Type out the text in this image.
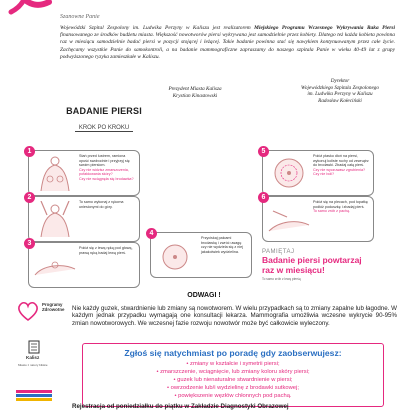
Szanowne Panie
Wojewódzki Szpital Zespolony im. Ludwika Perzyny w Kaliszu jest realizatorem Miejskiego Programu Wczesnego Wykrywania Raka Piersi finansowanego ze środków budżetu miasta. Większość nowotworów piersi wykrywana jest samodzielnie przez kobiety. Dlatego też każda kobieta powinna raz w miesiącu samodzielnie badać piersi w pozycji stojącej i leżącej. Takie badanie powinna stać się nawykiem kontynuowanym przez całe życie. Zachęcamy wszystkie Panie do samokontroli, a na badanie mammograficzne zapraszamy do naszego szpitala Panie w wieku 40-49 lat z grupy podwyższonego ryzyka zamieszkałe w Kaliszu.
Prezydent Miasta Kalisza
Krystian Kinastowski
Dyrektor
Wojewódzkiego Szpitala Zespolonego
im. Ludwika Perzyny w Kaliszu
Radosław Kołeciński
BADANIE PIERSI
KROK PO KROKU
1
Stań przed lustrem, ramiona opuść swobodnie i przyjrzyj się swoim piersiom.
Czy nie widzisz zmarszczenia, pofałdowania skóry?
Czy nie wciągnęła się brodawka?
2
To samo wykonaj z rękoma uniesionymi do góry.
3
Połóż się z lewą ręką pod głową, prawą ręką badaj lewą pierś.
5
Połóż płasko dłoń na piersi, wykonuj koliste ruchy od zewnątrz do brodawki. Zbadaj całą pierś.
Czy nie wyczuwasz zgrubienia?
Czy nie boli?
6
Połóż się na plecach, pod łopatkę podłóż poduszkę i zbadaj pierś.
To samo zrób z pachą.
4
Przyciskaj palcami brodawkę i zwróć uwagę czy nie wydziela się z niej jakakolwiek wydzielina.	PAMIĘTAJ
Badanie piersi powtarzaj raz w miesiącu!
To samo zrób z lewą pierśą
ODWAGI !
Nie każdy guzek, stwardnienie lub zmiany są nowotworem. W wielu przypadkach są to zmiany zapalne lub łagodne. W każdym jednak przypadku wymagają one konsultacji lekarza. Mammografia umożliwia wczesne wykrycie 90-95% zmian nowotworowych. We wczesnej fazie rozwoju nowotwór może być całkowicie wyleczony.
Programy Zdrowotne
Kalisz
Miasto z natury bliskie
Zgłoś się natychmiast po poradę gdy zaobserwujesz:
• zmiany w kształcie i symetrii piersi;
• zmarszczenie, wciągnięcie, lub zmiany koloru skóry piersi;
• guzek lub nienaturalne stwardnienie w piersi;
• owrzodzenie lub/i wydzielinę z brodawki sutkowej;
• powiększenie węzłów chłonnych pod pachą.
Rejestracja od poniedziałku do piątku w Zakładzie Diagnostyki Obrazowej
